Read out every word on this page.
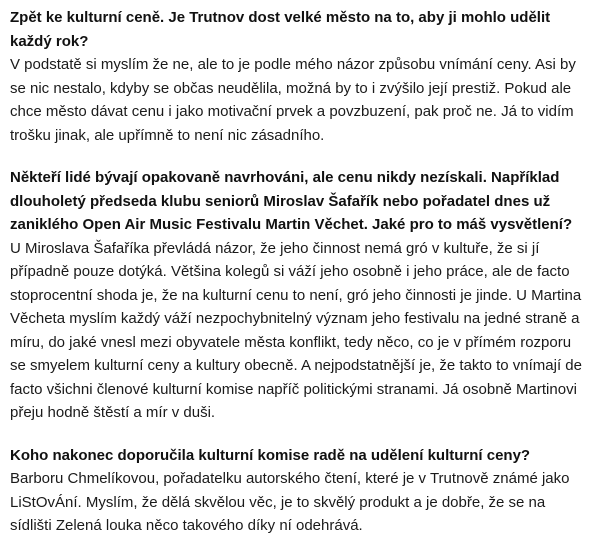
Zpět ke kulturní ceně. Je Trutnov dost velké město na to, aby ji mohlo udělit každý rok?

V podstatě si myslím že ne, ale to je podle mého názor způsobu vnímání ceny. Asi by se nic nestalo, kdyby se občas neudělila, možná by to i zvýšilo její prestiž. Pokud ale chce město dávat cenu i jako motivační prvek a povzbuzení, pak proč ne. Já to vidím trošku jinak, ale upřímně to není nic zásadního.

Někteří lidé bývají opakovaně navrhováni, ale cenu nikdy nezískali. Například dlouholetý předseda klubu seniorů Miroslav Šafařík nebo pořadatel dnes už zaniklého Open Air Music Festivalu Martin Věchet. Jaké pro to máš vysvětlení?

U Miroslava Šafaříka převládá názor, že jeho činnost nemá gró v kultuře, že si jí případně pouze dotýká. Většina kolegů si váží jeho osobně i jeho práce, ale de facto stoprocentní shoda je, že na kulturní cenu to není, gró jeho činnosti je jinde. U Martina Věcheta myslím každý váží nezpochybnitelný význam jeho festivalu na jedné straně a míru, do jaké vnesl mezi obyvatele města konflikt, tedy něco, co je v přímém rozporu se smyelem kulturní ceny a kultury obecně. A nejpodstatnější je, že takto to vnímají de facto všichni členové kulturní komise napříč politickými stranami. Já osobně Martinovi přeju hodně štěstí a mír v duši.

Koho nakonec doporučila kulturní komise radě na udělení kulturní ceny?

Barboru Chmelíkovou, pořadatelku autorského čtení, které je v Trutnově známé jako LiStOvÁní. Myslím, že dělá skvělou věc, je to skvělý produkt a je dobře, že se na sídlišti Zelená louka něco takového díky ní odehrává.
